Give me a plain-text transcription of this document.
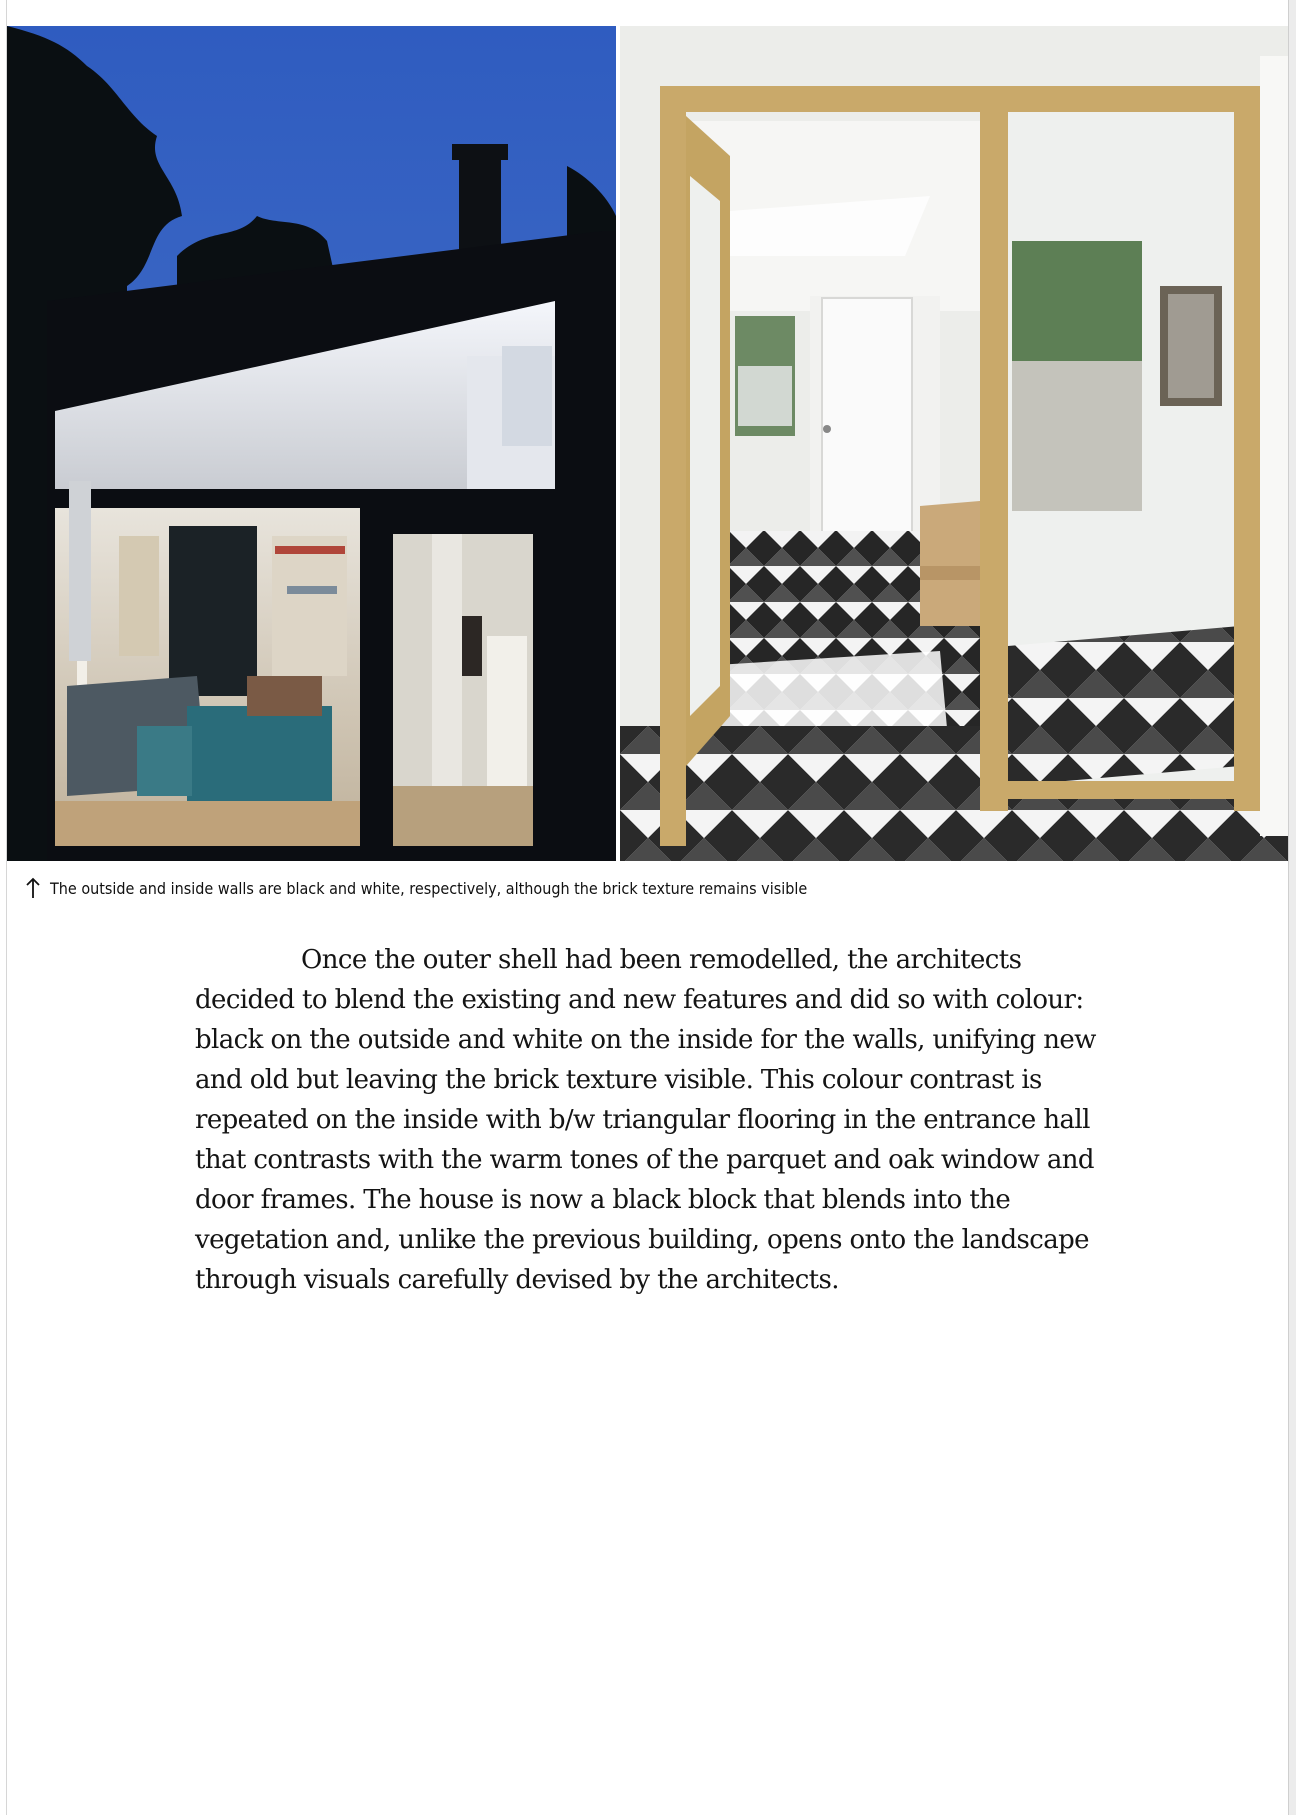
The outside and inside walls are black and white, respectively, although the brick texture remains visible

Once the outer shell had been remodelled, the architects decided to blend the existing and new features and did so with colour: black on the outside and white on the inside for the walls, unifying new and old but leaving the brick texture visible. This colour contrast is repeated on the inside with b/w triangular flooring in the entrance hall that contrasts with the warm tones of the parquet and oak window and door frames. The house is now a black block that blends into the vegetation and, unlike the previous building, opens onto the landscape through visuals carefully devised by the architects.
